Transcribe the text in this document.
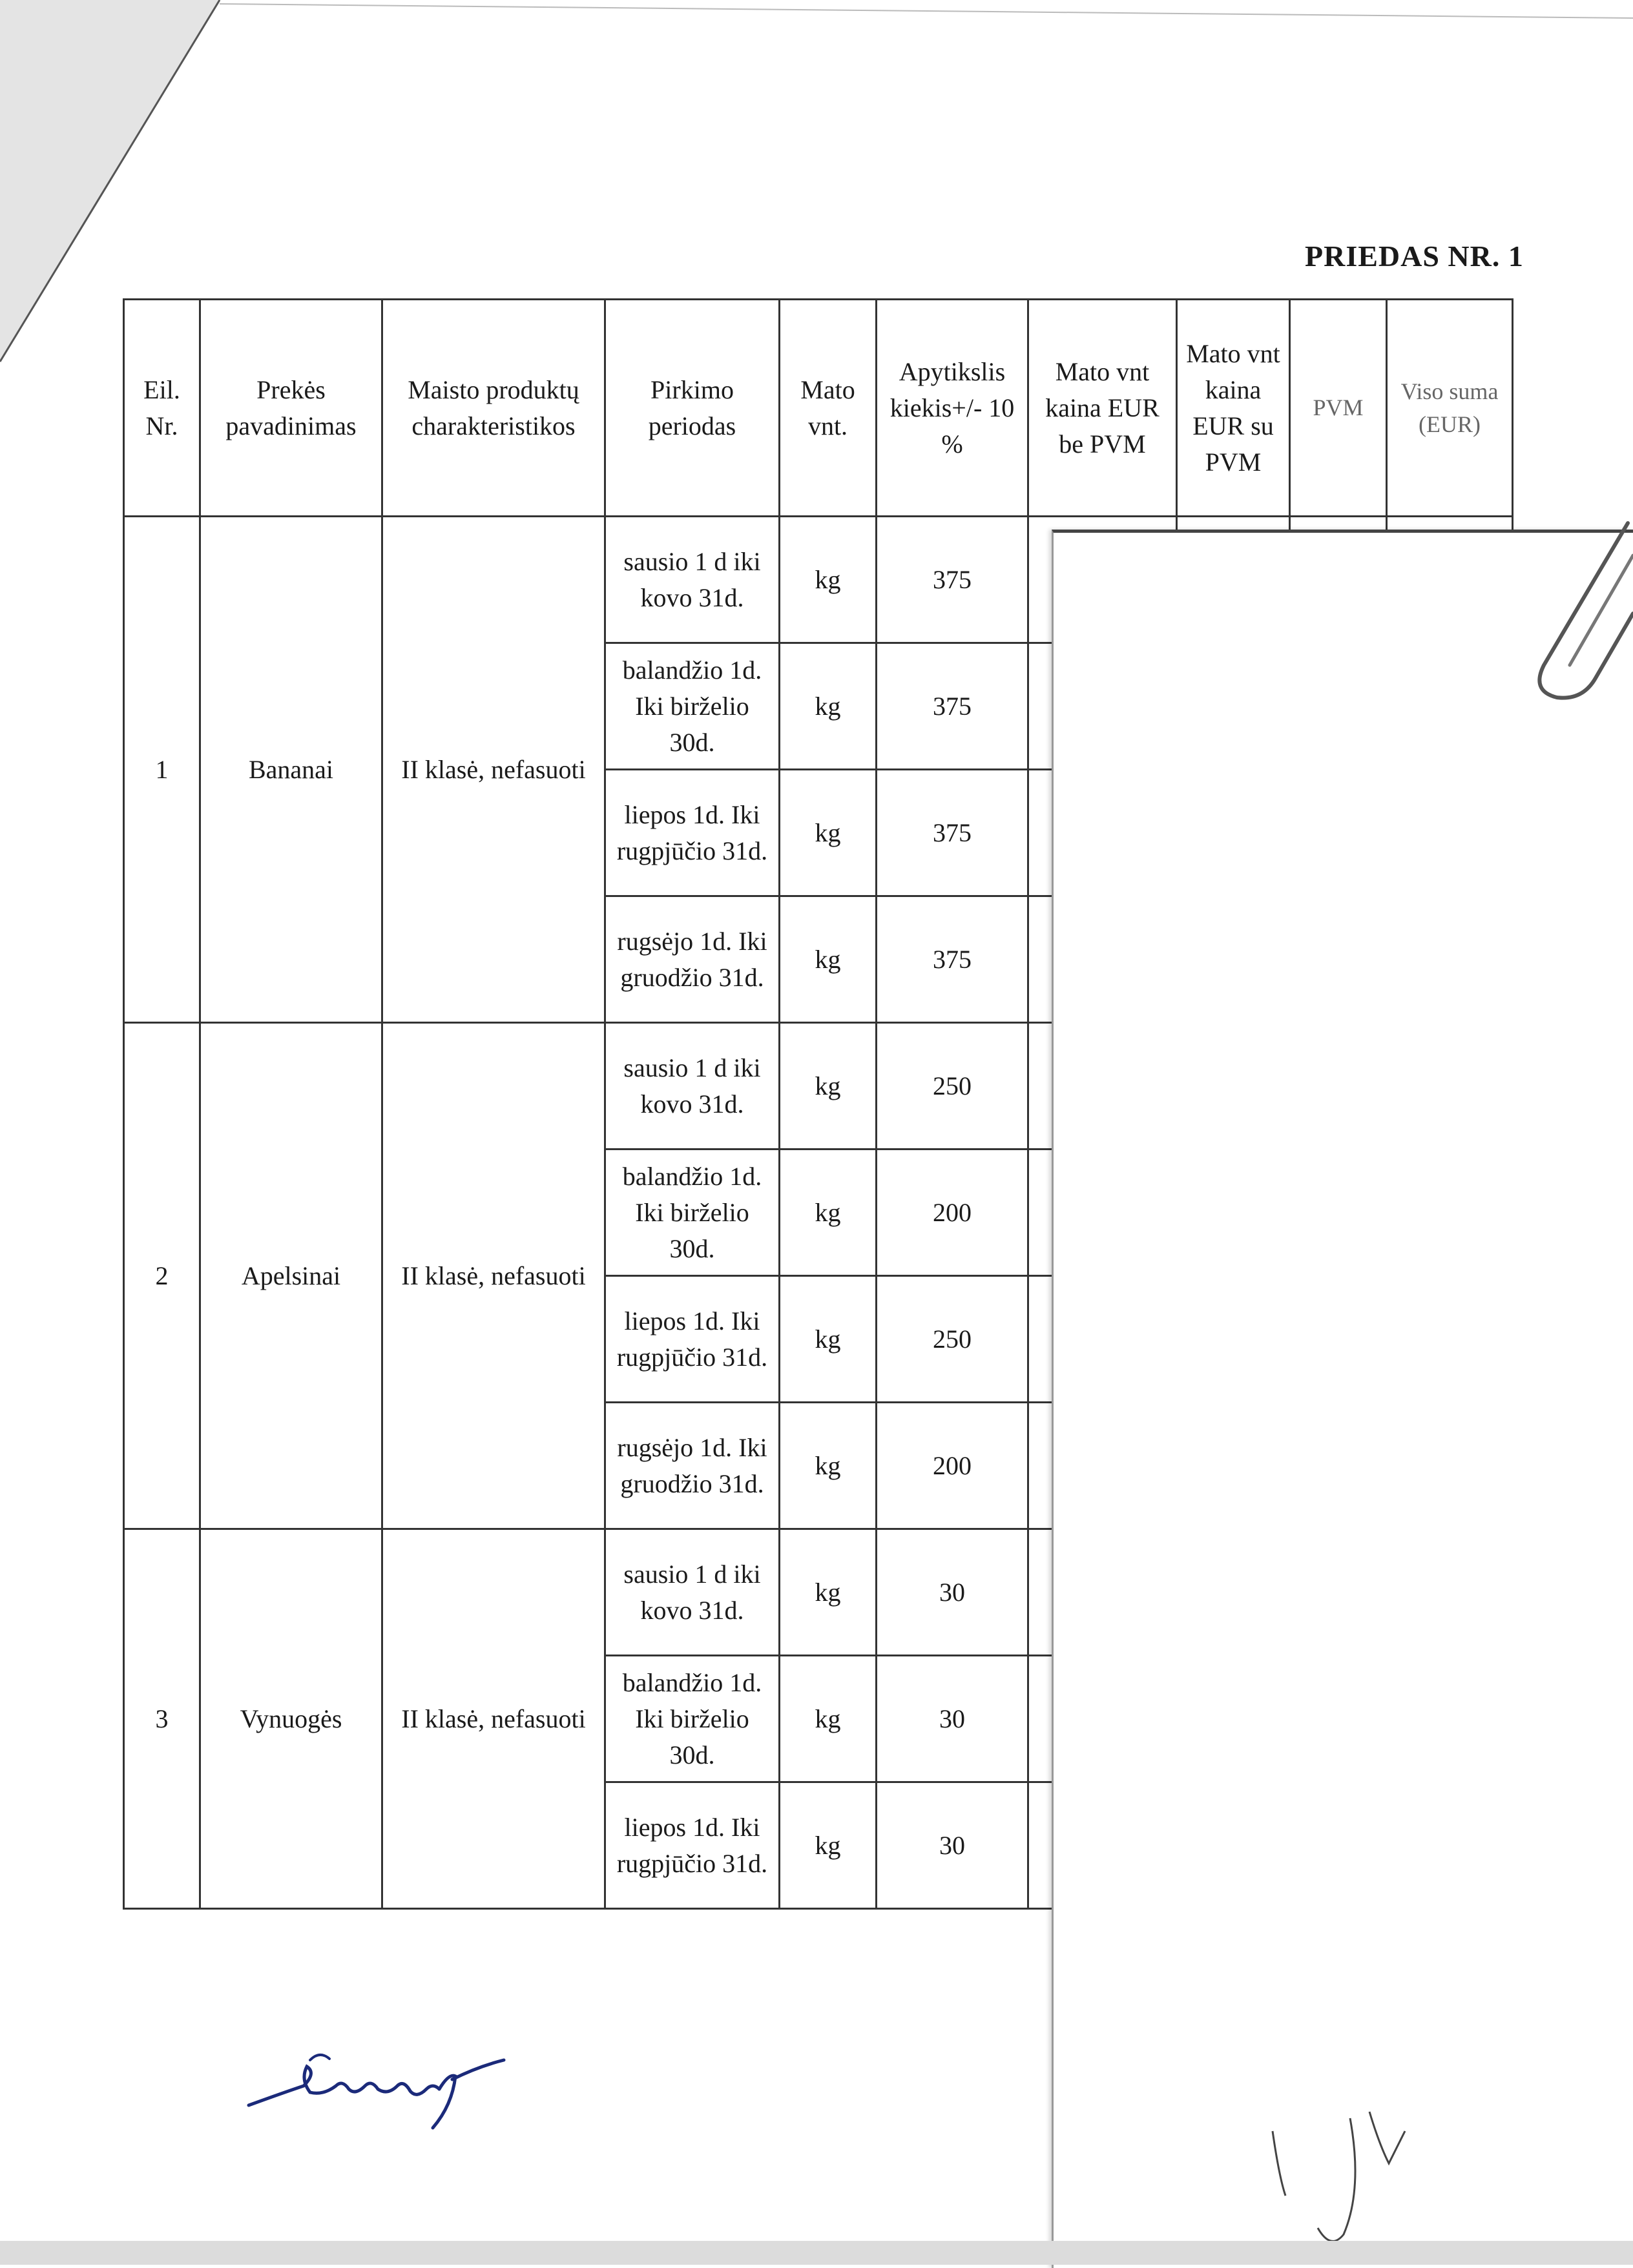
PRIEDAS NR. 1
Eil. Nr.	Prekės pavadinimas	Maisto produktų charakteristikos	Pirkimo periodas	Mato vnt.	Apytikslis kiekis+/- 10 %	Mato vnt kaina EUR be PVM	Mato vnt kaina EUR su PVM	PVM	Viso suma (EUR)
1	Bananai	II klasė, nefasuoti	sausio 1 d iki kovo 31d.	kg	375				
			balandžio 1d. Iki birželio 30d.	kg	375				
			liepos 1d. Iki rugpjūčio 31d.	kg	375				
			rugsėjo 1d. Iki gruodžio 31d.	kg	375				
2	Apelsinai	II klasė, nefasuoti	sausio 1 d iki kovo 31d.	kg	250				
			balandžio 1d. Iki birželio 30d.	kg	200				
			liepos 1d. Iki rugpjūčio 31d.	kg	250				
			rugsėjo 1d. Iki gruodžio 31d.	kg	200				
3	Vynuogės	II klasė, nefasuoti	sausio 1 d iki kovo 31d.	kg	30				
			balandžio 1d. Iki birželio 30d.	kg	30				
			liepos 1d. Iki rugpjūčio 31d.	kg	30				
